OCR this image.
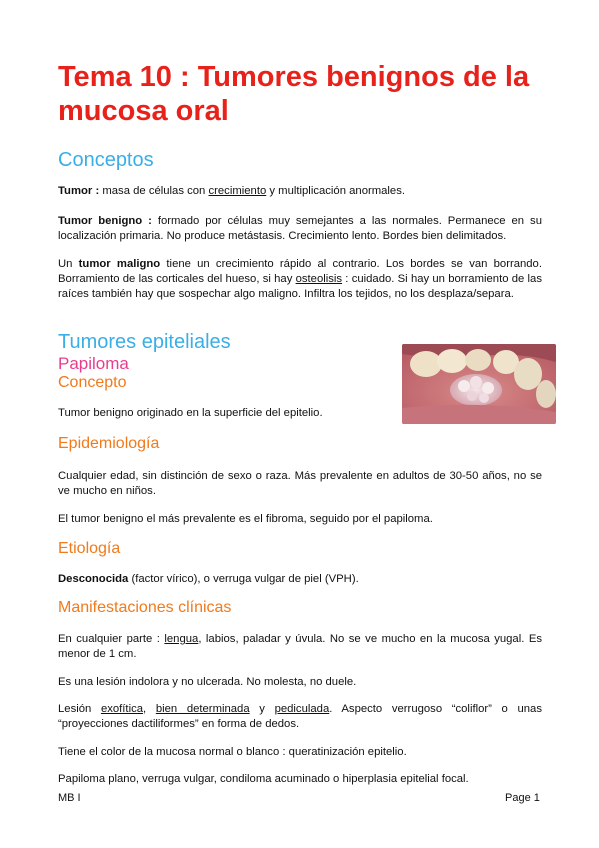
Tema 10 : Tumores benignos de la mucosa oral
Conceptos

Tumor : masa de células con crecimiento y multiplicación anormales.

Tumor benigno : formado por células muy semejantes a las normales. Permanece en su localización primaria. No produce metástasis. Crecimiento lento. Bordes bien delimitados.

Un tumor maligno tiene un crecimiento rápido al contrario. Los bordes se van borrando. Borramiento de las corticales del hueso, si hay osteolisis : cuidado. Si hay un borramiento de las raíces también hay que sospechar algo maligno. Infiltra los tejidos, no los desplaza/separa.

Tumores epiteliales
Papiloma
Concepto

Tumor benigno originado en la superficie del epitelio.

Epidemiología

Cualquier edad, sin distinción de sexo o raza. Más prevalente en adultos de 30-50 años, no se ve mucho en niños.

El tumor benigno el más prevalente es el fibroma, seguido por el papiloma.

Etiología

Desconocida (factor vírico), o verruga vulgar de piel (VPH).

Manifestaciones clínicas

En cualquier parte : lengua, labios, paladar y úvula. No se ve mucho en la mucosa yugal. Es menor de 1 cm.

Es una lesión indolora y no ulcerada. No molesta, no duele.

Lesión exofítica, bien determinada y pediculada. Aspecto verrugoso “coliflor” o unas “proyecciones dactiliformes” en forma de dedos.

Tiene el color de la mucosa normal o blanco : queratinización epitelio.

Papiloma plano, verruga vulgar, condiloma acuminado o hiperplasia epitelial focal.

MB I	Page 1
